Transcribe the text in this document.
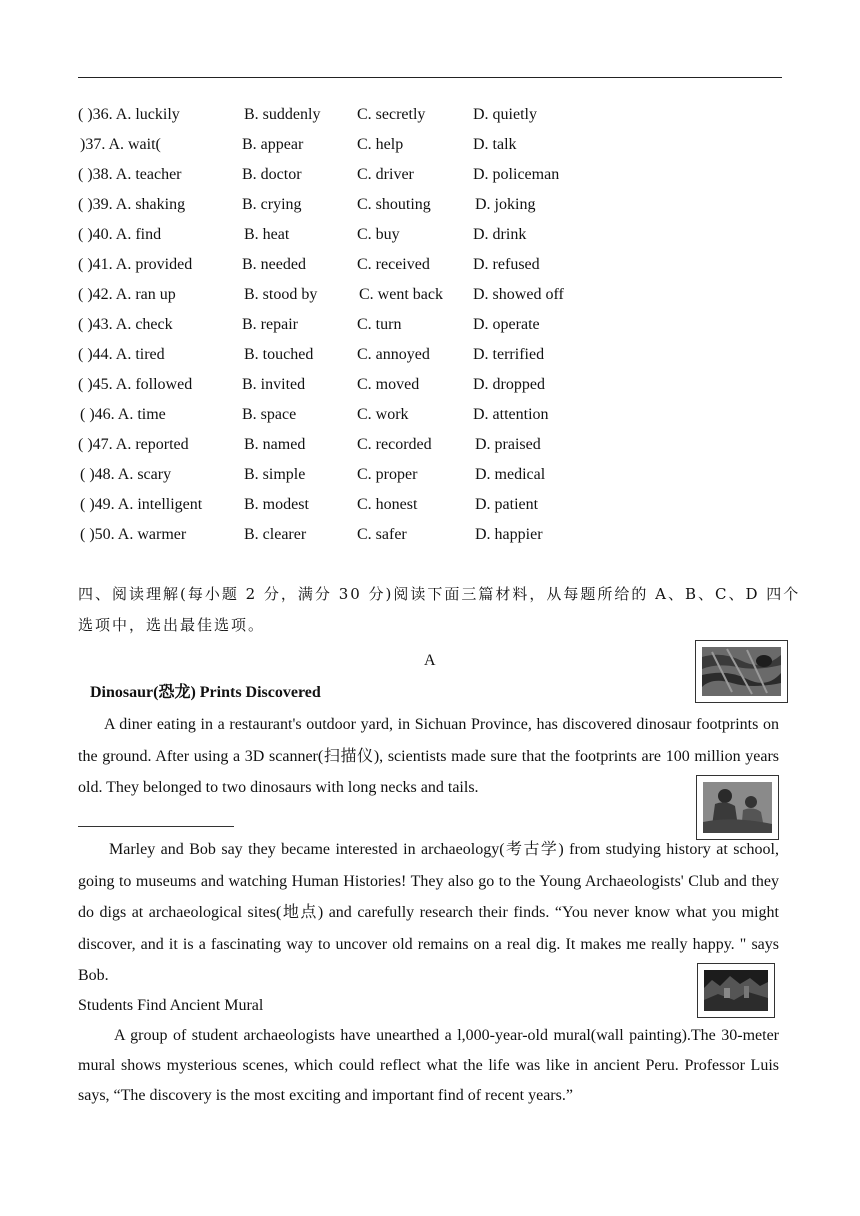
( )36. A. luckily	B. suddenly C. secretly	D. quietly
)37. A. wait(	B. appear	C. help	D. talk
( )38. A. teacher	B. doctor	C. driver	D. policeman
( )39. A. shaking	B. crying	C. shouting	D. joking
( )40. A. find	B. heat	C. buy	D. drink
( )41. A. provided	B. needed	C. received	D. refused
( )42. A. ran up	B. stood by	C. went back D. showed off
( )43. A. check	B. repair	C. turn	D. operate
( )44. A. tired	B. touched	C. annoyed	D. terrified
( )45. A. followed	B. invited	C. moved	D. dropped
( )46. A. time	B. space	C. work	D. attention
( )47. A. reported	B. named	C. recorded	D. praised
( )48. A. scary	B. simple	C. proper	D. medical
( )49. A. intelligent	B. modest	C. honest	D. patient
( )50. A. warmer	B. clearer	C. safer	D. happier
四、阅读理解(每小题 2 分，满分 30 分)阅读下面三篇材料，从每题所给的 A、B、C、D 四个
选项中，选出最佳选项。
A
Dinosaur(恐龙) Prints Discovered
A diner eating in a restaurant's outdoor yard, in Sichuan Province, has discovered dinosaur footprints on the ground. After using a 3D scanner(扫描仪), scientists made sure that the footprints are 100 million years old. They belonged to two dinosaurs with long necks and tails.
Marley and Bob say they became interested in archaeology(考古学) from studying history at school, going to museums and watching Human Histories! They also go to the Young Archaeologists' Club and they do digs at archaeological sites(地点) and carefully research their finds. “You never know what you might discover, and it is a fascinating way to uncover old remains on a real dig. It makes me really happy. " says Bob.
Students Find Ancient Mural
A group of student archaeologists have unearthed a l,000-year-old mural(wall painting).The 30-meter mural shows mysterious scenes, which could reflect what the life was like in ancient Peru. Professor Luis says, “The discovery is the most exciting and important find of recent years.”
